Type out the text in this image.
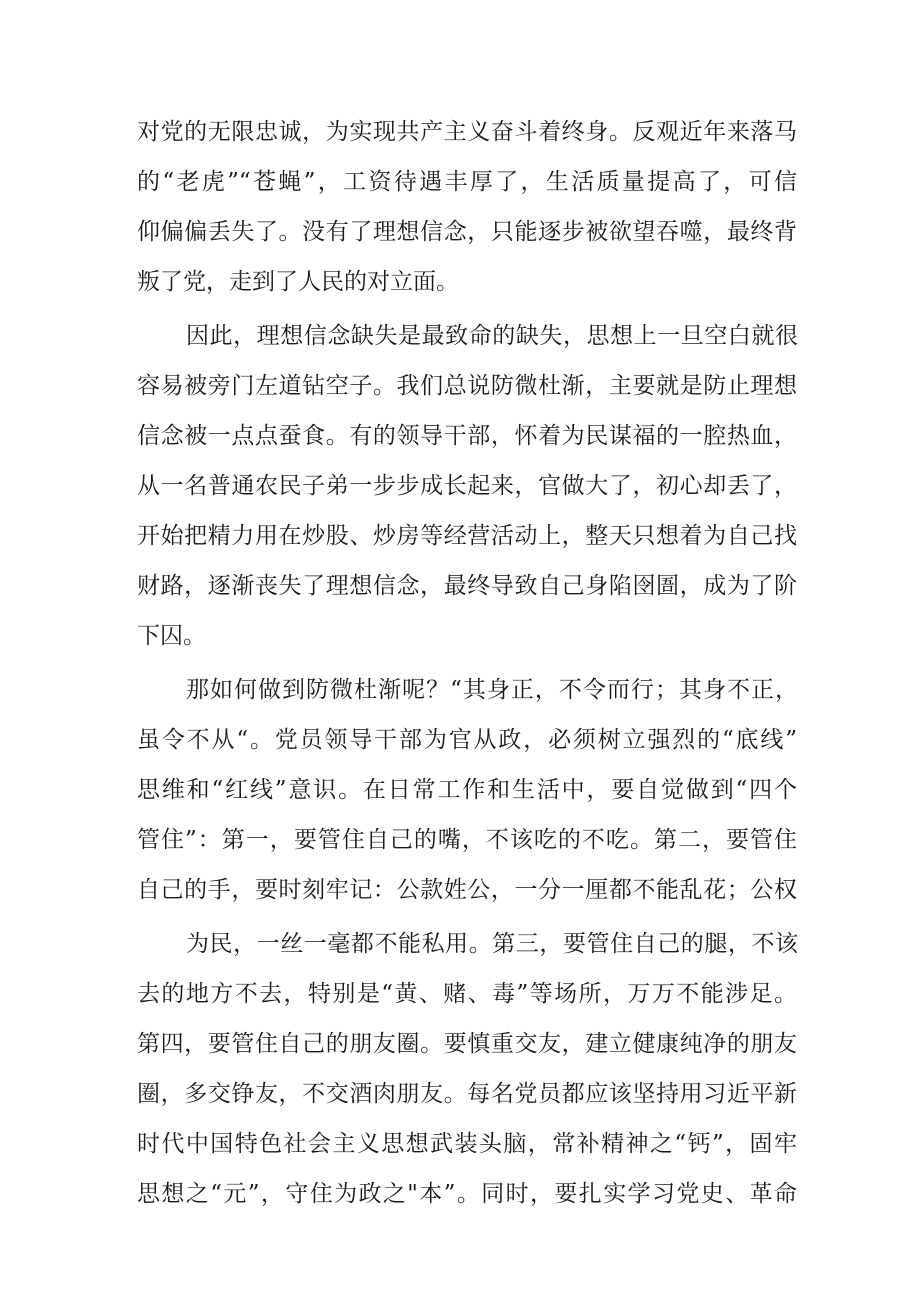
对党的无限忠诚，为实现共产主义奋斗着终身。反观近年来落马
的“老虎”“苍蝇”，工资待遇丰厚了，生活质量提高了，可信
仰偏偏丢失了。没有了理想信念，只能逐步被欲望吞噬，最终背
叛了党，走到了人民的对立面。
因此，理想信念缺失是最致命的缺失，思想上一旦空白就很
容易被旁门左道钻空子。我们总说防微杜渐，主要就是防止理想
信念被一点点蚕食。有的领导干部，怀着为民谋福的一腔热血，
从一名普通农民子弟一步步成长起来，官做大了，初心却丢了，
开始把精力用在炒股、炒房等经营活动上，整天只想着为自己找
财路，逐渐丧失了理想信念，最终导致自己身陷囹圄，成为了阶
下囚。
那如何做到防微杜渐呢？“其身正，不令而行；其身不正，
虽令不从“。党员领导干部为官从政，必须树立强烈的“底线”
思维和“红线”意识。在日常工作和生活中，要自觉做到“四个
管住”：第一，要管住自己的嘴，不该吃的不吃。第二，要管住
自己的手，要时刻牢记：公款姓公，一分一厘都不能乱花；公权
为民，一丝一毫都不能私用。第三，要管住自己的腿，不该
去的地方不去，特别是“黄、赌、毒”等场所，万万不能涉足。
第四，要管住自己的朋友圈。要慎重交友，建立健康纯净的朋友
圈，多交铮友，不交酒肉朋友。每名党员都应该坚持用习近平新
时代中国特色社会主义思想武装头脑，常补精神之“钙”，固牢
思想之“元”，守住为政之"本”。同时，要扎实学习党史、革命
